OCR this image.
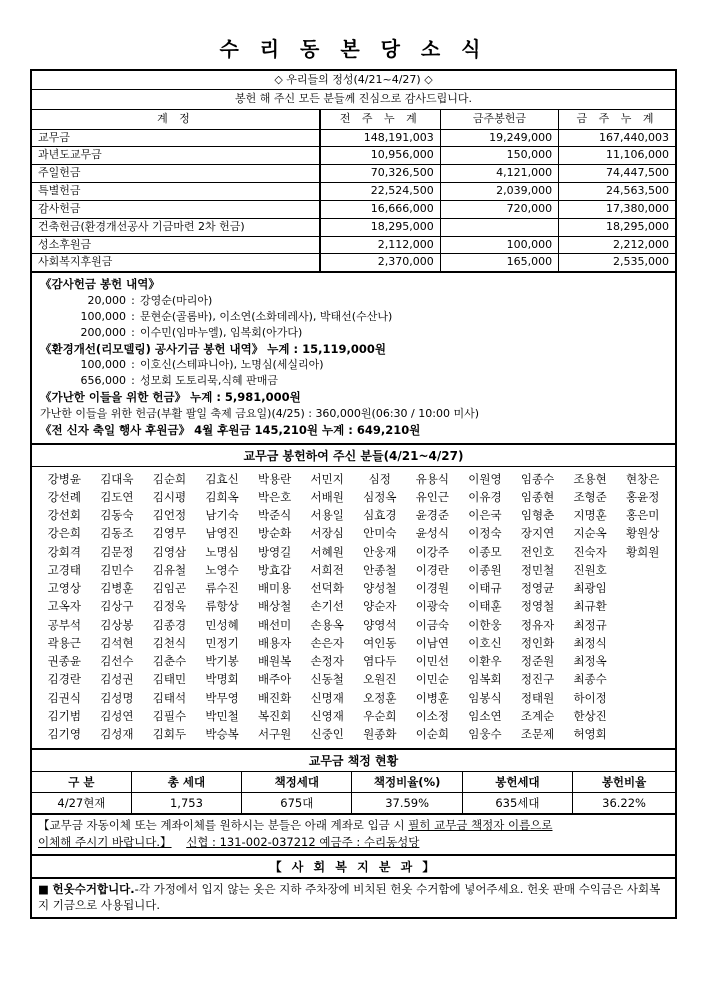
수 리 동 본 당 소 식
◇ 우리들의 정성(4/21~4/27) ◇			
봉헌 해 주신 모든 분들께 진심으로 감사드립니다.			
계 정	전 주 누 계	금주봉헌금	금 주 누 계
교무금	148,191,003	19,249,000	167,440,003
과년도교무금	10,956,000	150,000	11,106,000
주일헌금	70,326,500	4,121,000	74,447,500
특별헌금	22,524,500	2,039,000	24,563,500
감사헌금	16,666,000	720,000	17,380,000
건축헌금(환경개선공사 기금마련 2차 헌금)	18,295,000		18,295,000
성소후원금	2,112,000	100,000	2,212,000
사회복지후원금	2,370,000	165,000	2,535,000
《감사헌금 봉헌 내역》
20,000 : 강영순(마리아)
100,000 : 문현순(골롬바), 이소연(소화데레사), 박태선(수산나)
200,000 : 이수민(임마누엘), 임복회(아가다)
《환경개선(리모델링) 공사기금 봉헌 내역》 누계 : 15,119,000원
100,000 : 이호신(스테파니아), 노명심(세실리아)
656,000 : 성모회 도토리묵,식혜 판매금
《가난한 이들을 위한 헌금》 누계 : 5,981,000원
가난한 이들을 위한 헌금(부활 팔일 축제 금요일)(4/25) : 360,000원(06:30 / 10:00 미사)
《전 신자 축일 행사 후원금》 4월 후원금 145,210원 누계 : 649,210원
교무금 봉헌하여 주신 분들(4/21~4/27)
강병윤	김대욱	김순희	김효신	박용란	서민지	심정	유용식	이원영	임종수	조용현	현창은
강선례	김도연	김시평	김희옥	박은호	서배원	심정옥	유인근	이유경	임종현	조형준	홍윤정
강선회	김동숙	김언정	남기숙	박준식	서용일	심효경	윤경준	이은국	임형춘	지명훈	홍은미
강은희	김동조	김영무	남영진	방순화	서장심	안미숙	윤성식	이정숙	장지연	지순옥	황원상
강회격	김문정	김영삼	노명심	방영길	서혜원	안웅재	이강주	이종모	전인호	진숙자	황희원
고경태	김민수	김유철	노영수	방효갑	서희전	안종철	이경란	이종원	정민철	진원호
고영상	김병훈	김임곤	류수진	배미용	선덕화	양성철	이경원	이태규	정영균	최광임
고옥자	김상구	김정욱	류항상	배상철	손기선	양순자	이광숙	이태훈	정영철	최규환
공부석	김상봉	김종경	민성혜	배선미	손용옥	양영석	이금숙	이한웅	정유자	최정규
곽용근	김석현	김천식	민정기	배용자	손은자	여인동	이남연	이호신	정인화	최정식
권종윤	김선수	김춘수	박기봉	배원복	손정자	염다두	이민선	이환우	정준원	최정옥
김경란	김성권	김태민	박명회	배주아	신동철	오원진	이민순	임복회	정진구	최종수
김권식	김성명	김태석	박무영	배진화	신명재	오정훈	이병훈	임봉식	정태원	하이정
김기범	김성연	김필수	박민철	복진회	신영재	우순희	이소정	임소연	조계순	한상진
김기영	김성재	김회두	박승복	서구원	신중인	원종화	이순희	임웅수	조문제	허영회
교무금 책정 현황					
구 분	총 세대	책정세대	책정비율(%)	봉헌세대	봉헌비율
4/27현재	1,753	675대	37.59%	635세대	36.22%
【교무금 자동이체 또는 계좌이체를 원하시는 분들은 아래 계좌로 입금 시 필히 교무금 책정자 이름으로
이체해 주시기 바랍니다.】 신협 : 131-002-037212 예금주 : 수리동성당
【 사 회 복 지 분 과 】
■ 헌옷수거합니다.-각 가정에서 입지 않는 옷은 지하 주차장에 비치된 헌옷 수거함에 넣어주세요. 헌옷 판매 수익금은 사회복지 기금으로 사용됩니다.
